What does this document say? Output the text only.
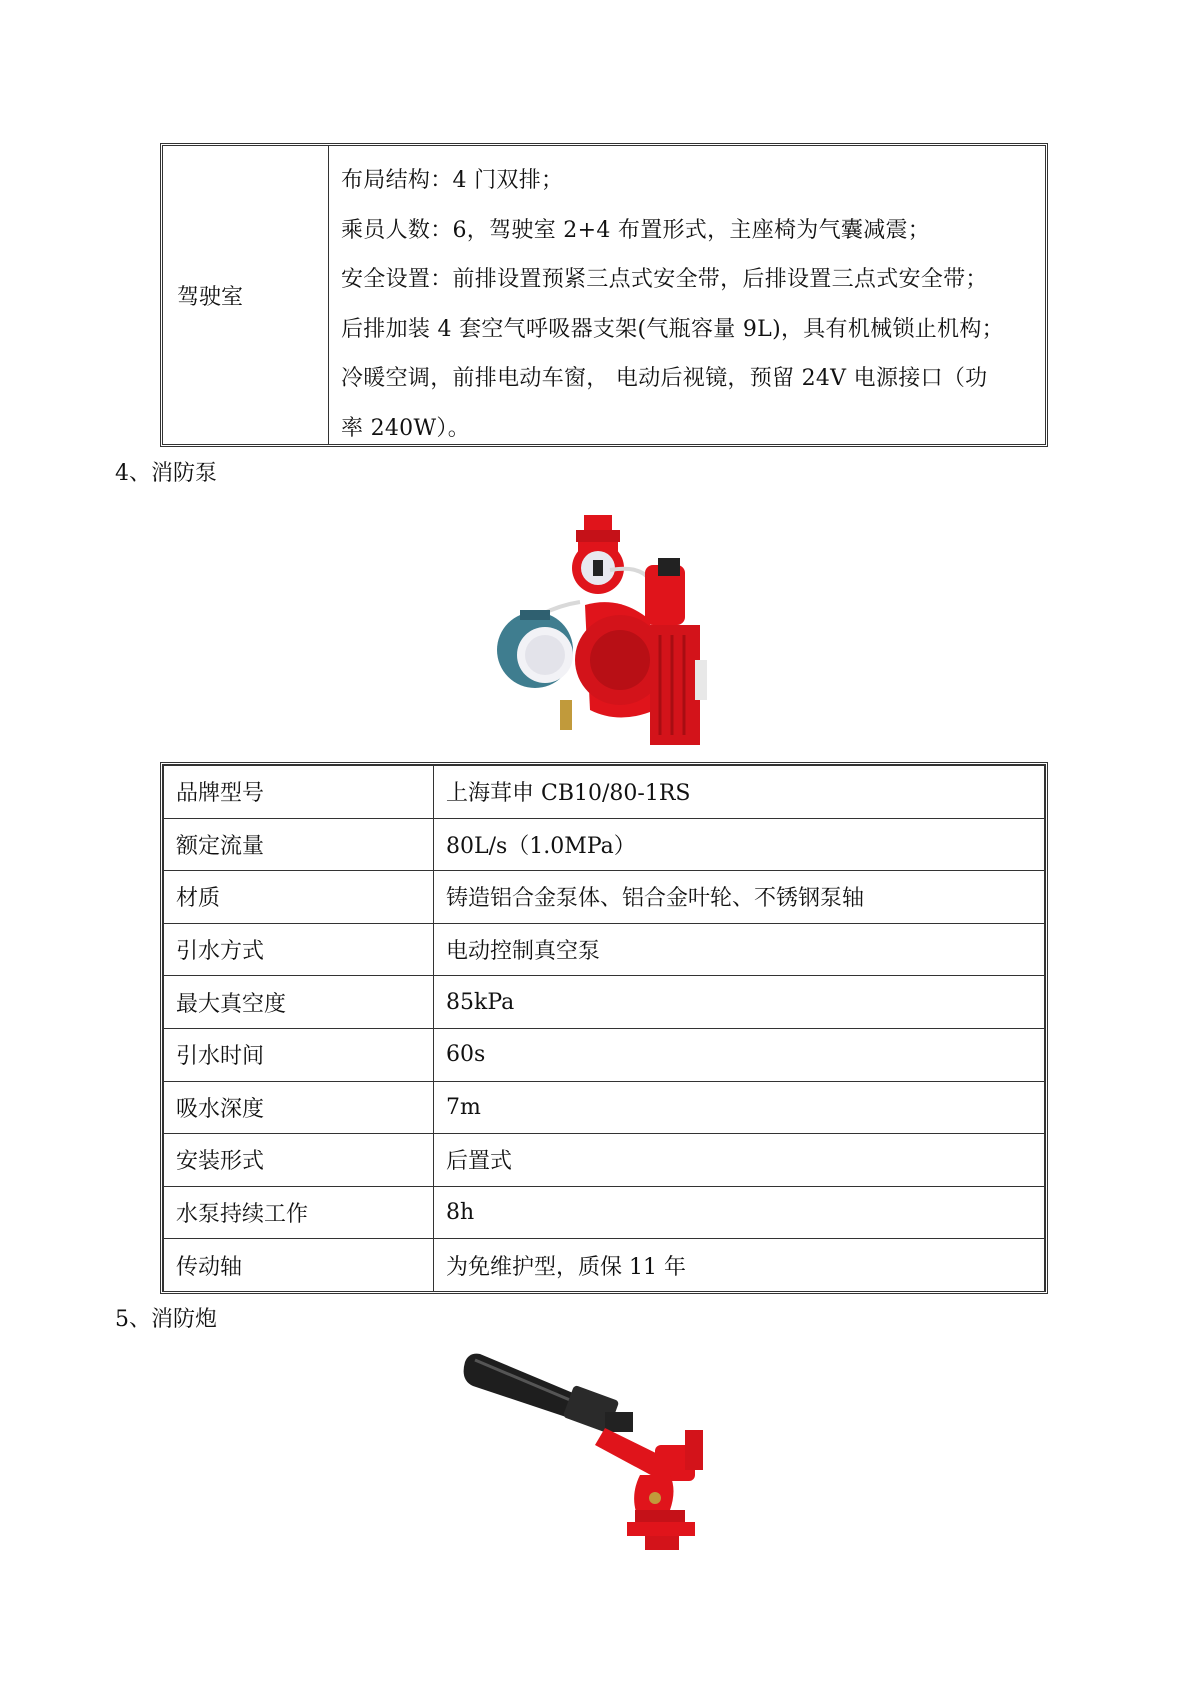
驾驶室
布局结构：4 门双排；
乘员人数：6，驾驶室 2+4 布置形式，主座椅为气囊减震；
安全设置：前排设置预紧三点式安全带，后排设置三点式安全带；
后排加装 4 套空气呼吸器支架(气瓶容量 9L)，具有机械锁止机构；
冷暖空调，前排电动车窗， 电动后视镜，预留 24V 电源接口（功
率 240W）。
4、消防泵
品牌型号	上海茸申 CB10/80-1RS
额定流量	80L/s（1.0MPa）
材质	铸造铝合金泵体、铝合金叶轮、不锈钢泵轴
引水方式	电动控制真空泵
最大真空度	85kPa
引水时间	60s
吸水深度	7m
安装形式	后置式
水泵持续工作	8h
传动轴	为免维护型，质保 11 年
5、消防炮
